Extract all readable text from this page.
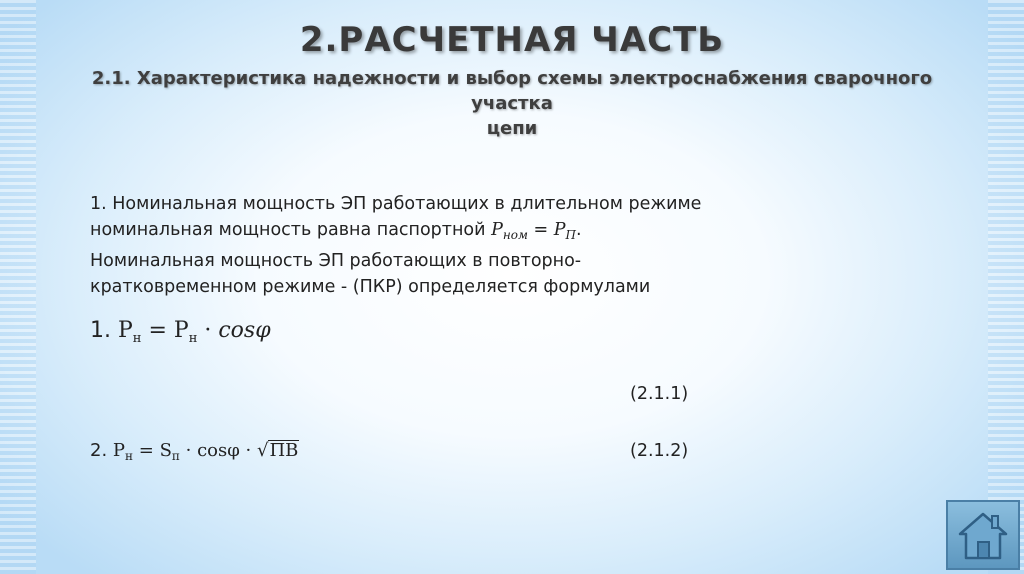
2.РАСЧЕТНАЯ ЧАСТЬ
2.1. Характеристика надежности и выбор схемы электроснабжения сварочного участка
цепи
1. Номинальная мощность ЭП работающих в длительном режиме
номинальная мощность равна паспортной $P_{ном} = P_П$.
Номинальная мощность ЭП работающих в повторно-
кратковременном режиме - (ПКР) определяется формулами
1. $Р_н = Р_н \cdot \cos\varphi$
(2.1.1)
2. $Р_н = S_п \cdot \cos\varphi \cdot √ПВ$	(2.1.2)
